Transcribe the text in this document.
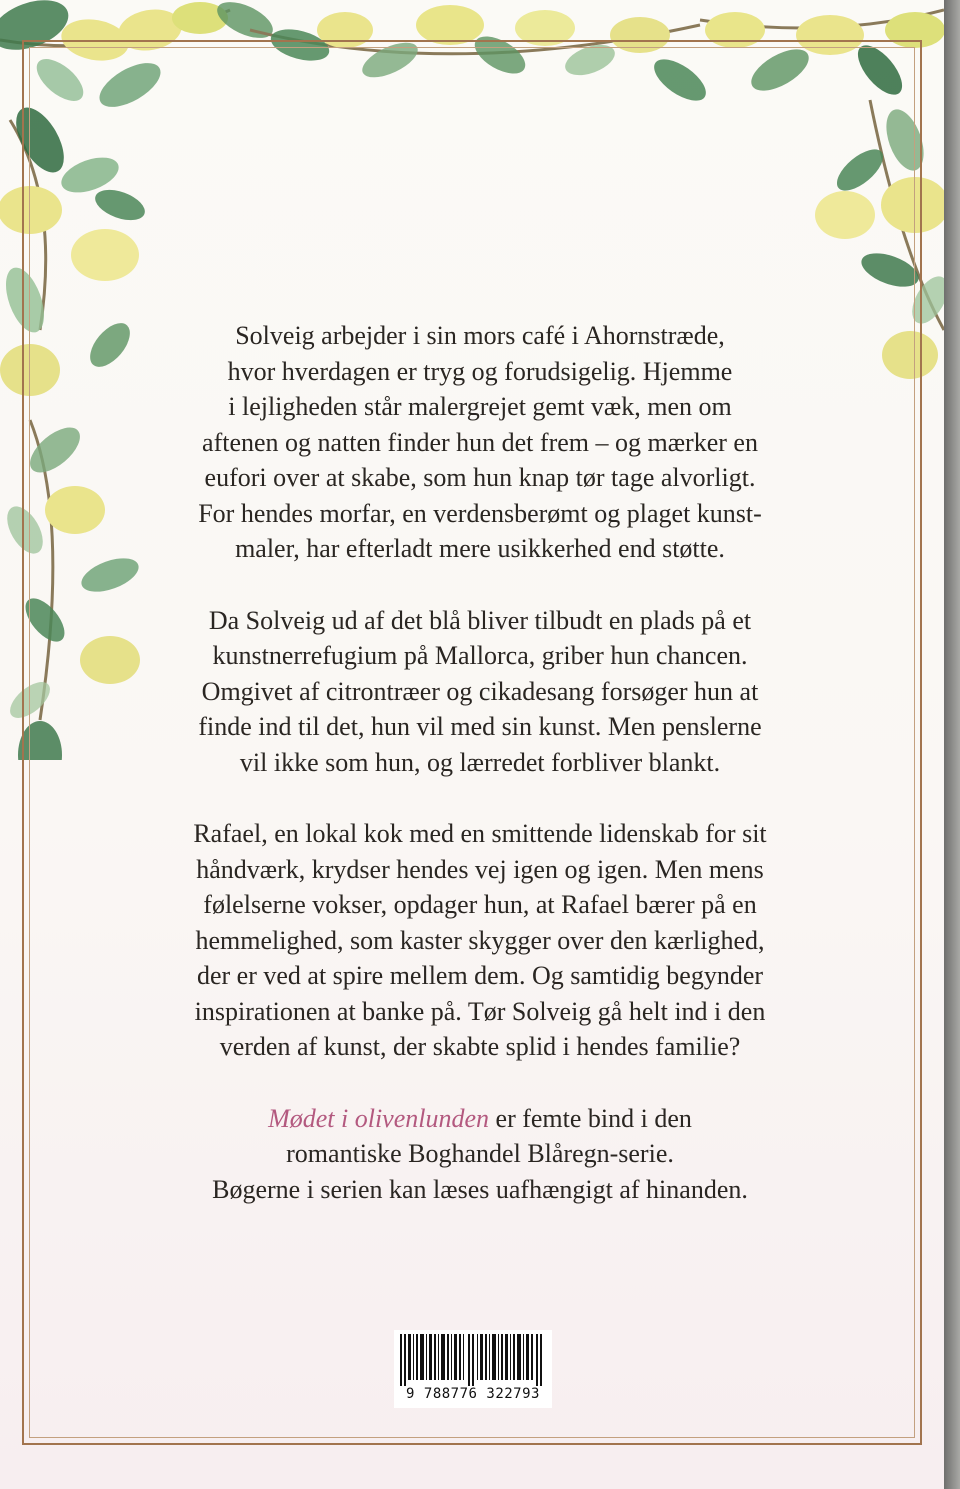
Solveig arbejder i sin mors café i Ahornstræde,
hvor hverdagen er tryg og forudsigelig. Hjemme
i lejligheden står malergrejet gemt væk, men om
aftenen og natten finder hun det frem – og mærker en
eufori over at skabe, som hun knap tør tage alvorligt.
For hendes morfar, en verdensberømt og plaget kunst-
maler, har efterladt mere usikkerhed end støtte.

Da Solveig ud af det blå bliver tilbudt en plads på et
kunstnerrefugium på Mallorca, griber hun chancen.
Omgivet af citrontræer og cikadesang forsøger hun at
finde ind til det, hun vil med sin kunst. Men penslerne
vil ikke som hun, og lærredet forbliver blankt.

Rafael, en lokal kok med en smittende lidenskab for sit
håndværk, krydser hendes vej igen og igen. Men mens
følelserne vokser, opdager hun, at Rafael bærer på en
hemmelighed, som kaster skygger over den kærlighed,
der er ved at spire mellem dem. Og samtidig begynder
inspirationen at banke på. Tør Solveig gå helt ind i den
verden af kunst, der skabte splid i hendes familie?

Mødet i olivenlunden er femte bind i den
romantiske Boghandel Blåregn-serie.
Bøgerne i serien kan læses uafhængigt af hinanden.

9 788776 322793
